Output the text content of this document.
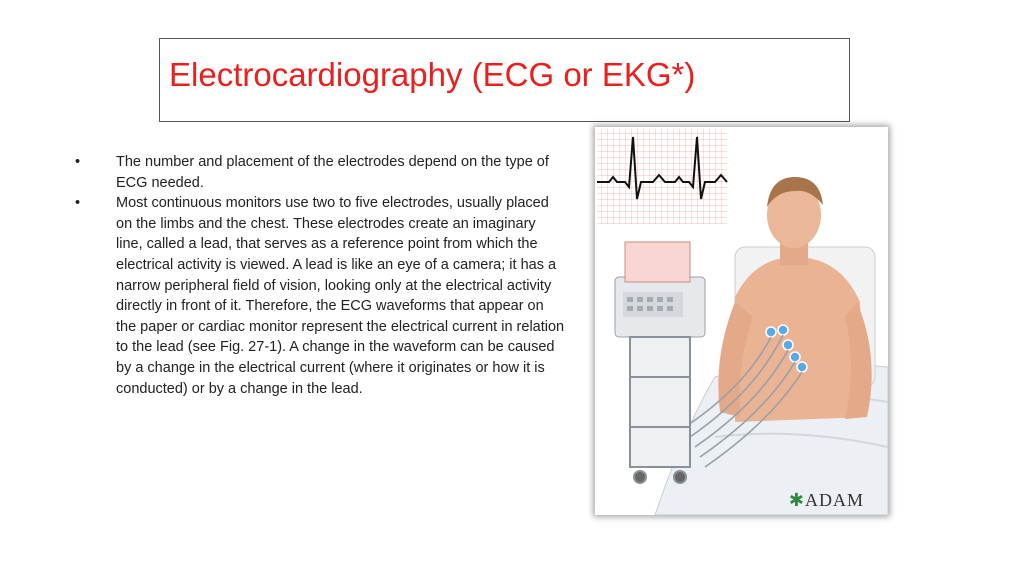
Electrocardiography (ECG or EKG*)
• The number and placement of the electrodes depend on the type of ECG needed.
• Most continuous monitors use two to five electrodes, usually placed on the limbs and the chest. These electrodes create an imaginary line, called a lead, that serves as a reference point from which the electrical activity is viewed. A lead is like an eye of a camera; it has a narrow peripheral field of vision, looking only at the electrical activity directly in front of it. Therefore, the ECG waveforms that appear on the paper or cardiac monitor represent the electrical current in relation to the lead (see Fig. 27-1). A change in the waveform can be caused by a change in the electrical current (where it originates or how it is conducted) or by a change in the lead.
✱ADAM
